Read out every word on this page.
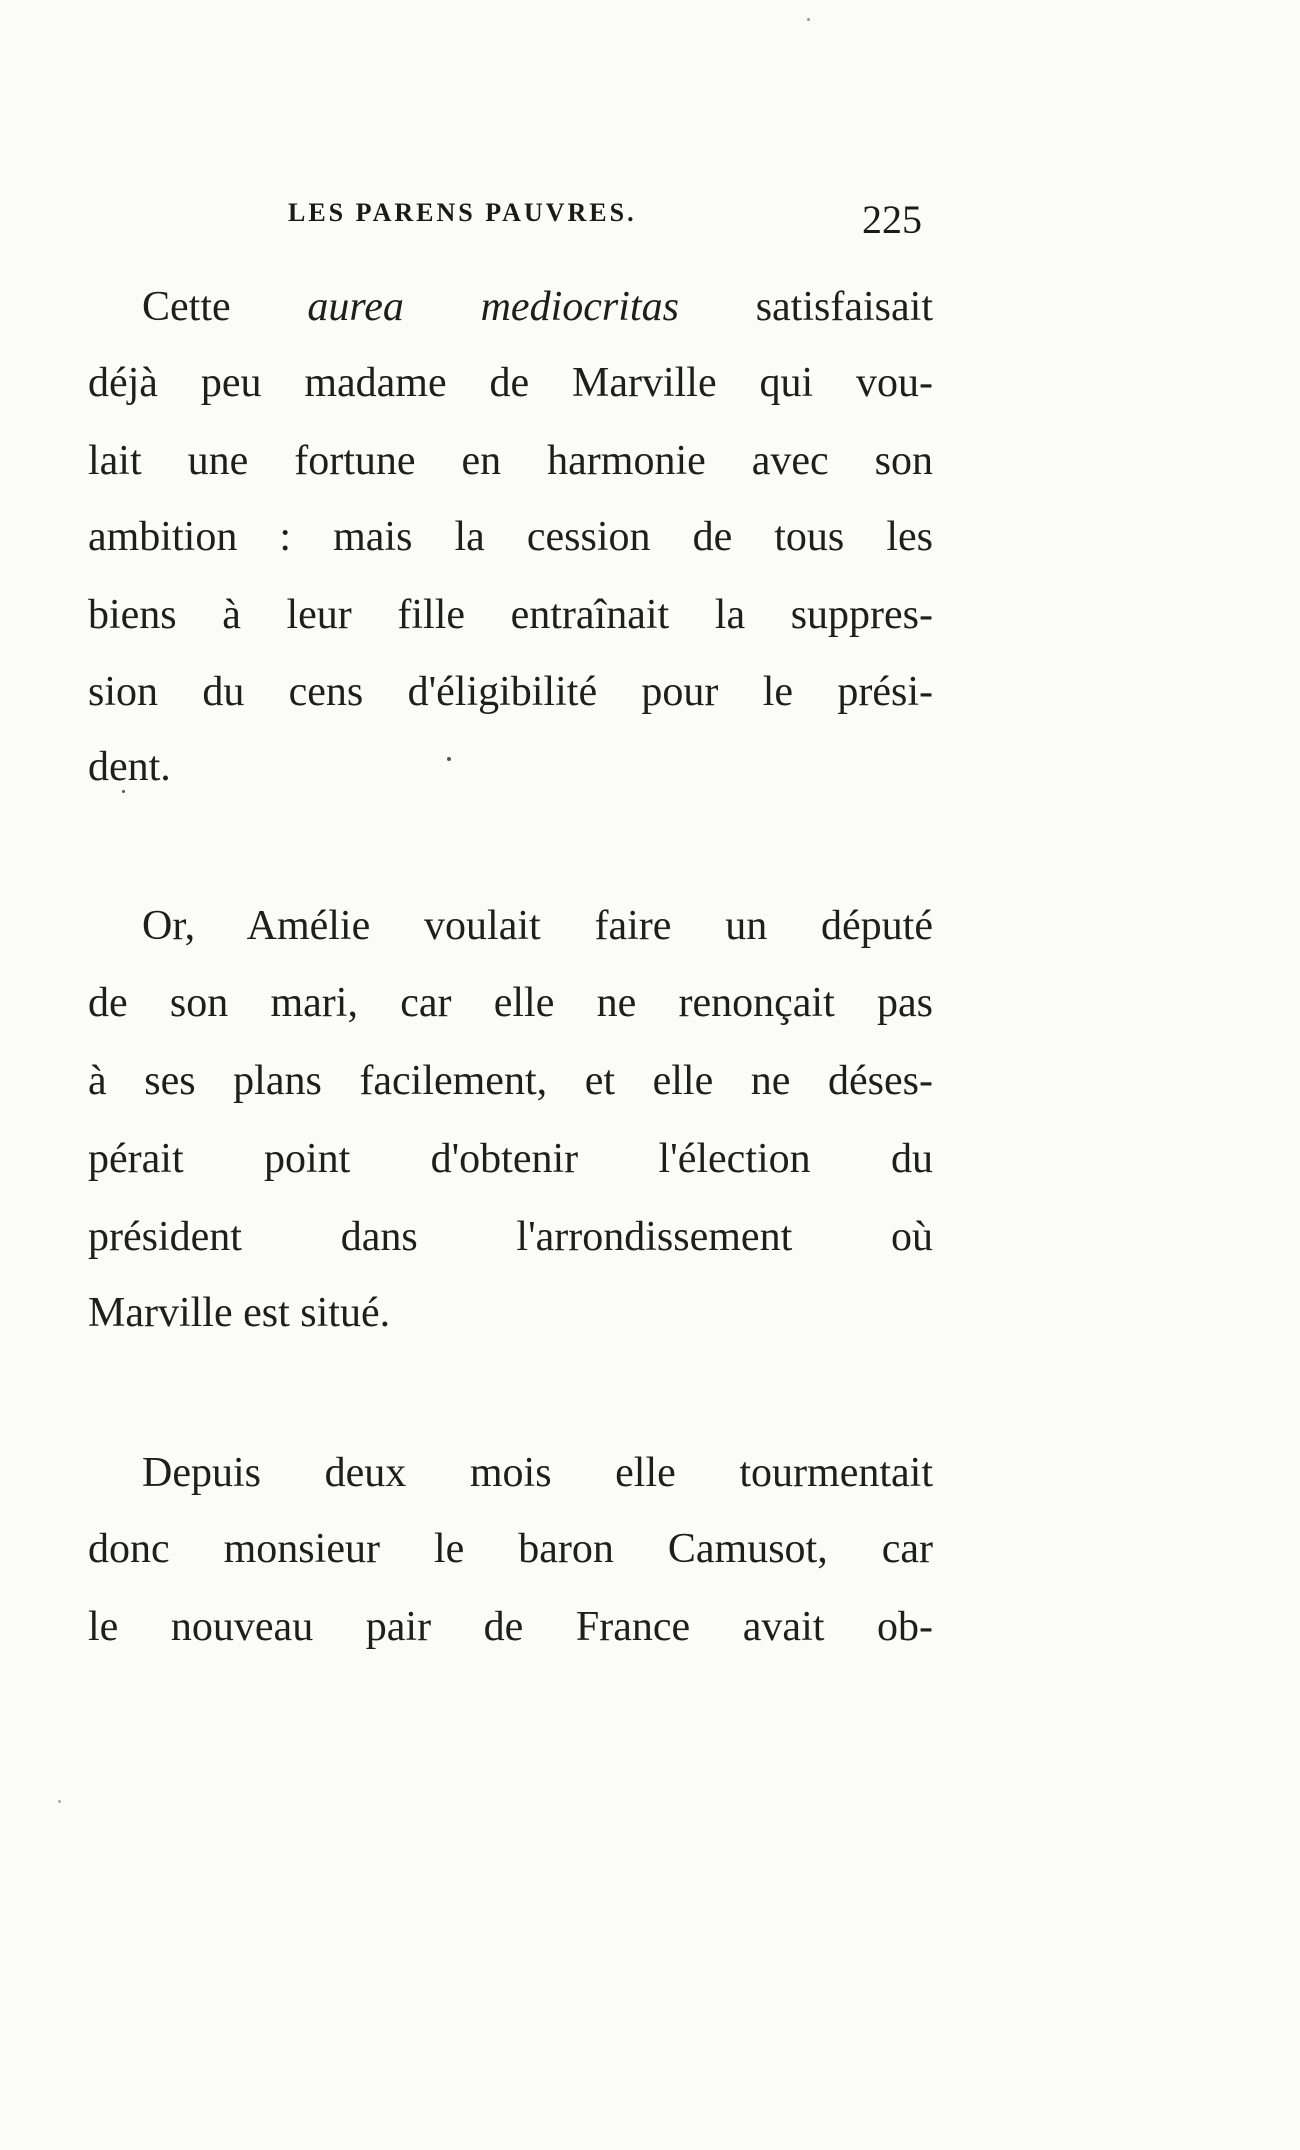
LES PARENS PAUVRES.	225
Cette aurea mediocritas satisfaisait
déjà peu madame de Marville qui vou-
lait une fortune en harmonie avec son
ambition : mais la cession de tous les
biens à leur fille entraînait la suppres-
sion du cens d'éligibilité pour le prési-
dent.
Or, Amélie voulait faire un député
de son mari, car elle ne renonçait pas
à ses plans facilement, et elle ne déses-
pérait point d'obtenir l'élection du
président dans l'arrondissement où
Marville est situé.
Depuis deux mois elle tourmentait
donc monsieur le baron Camusot, car
le nouveau pair de France avait ob-
